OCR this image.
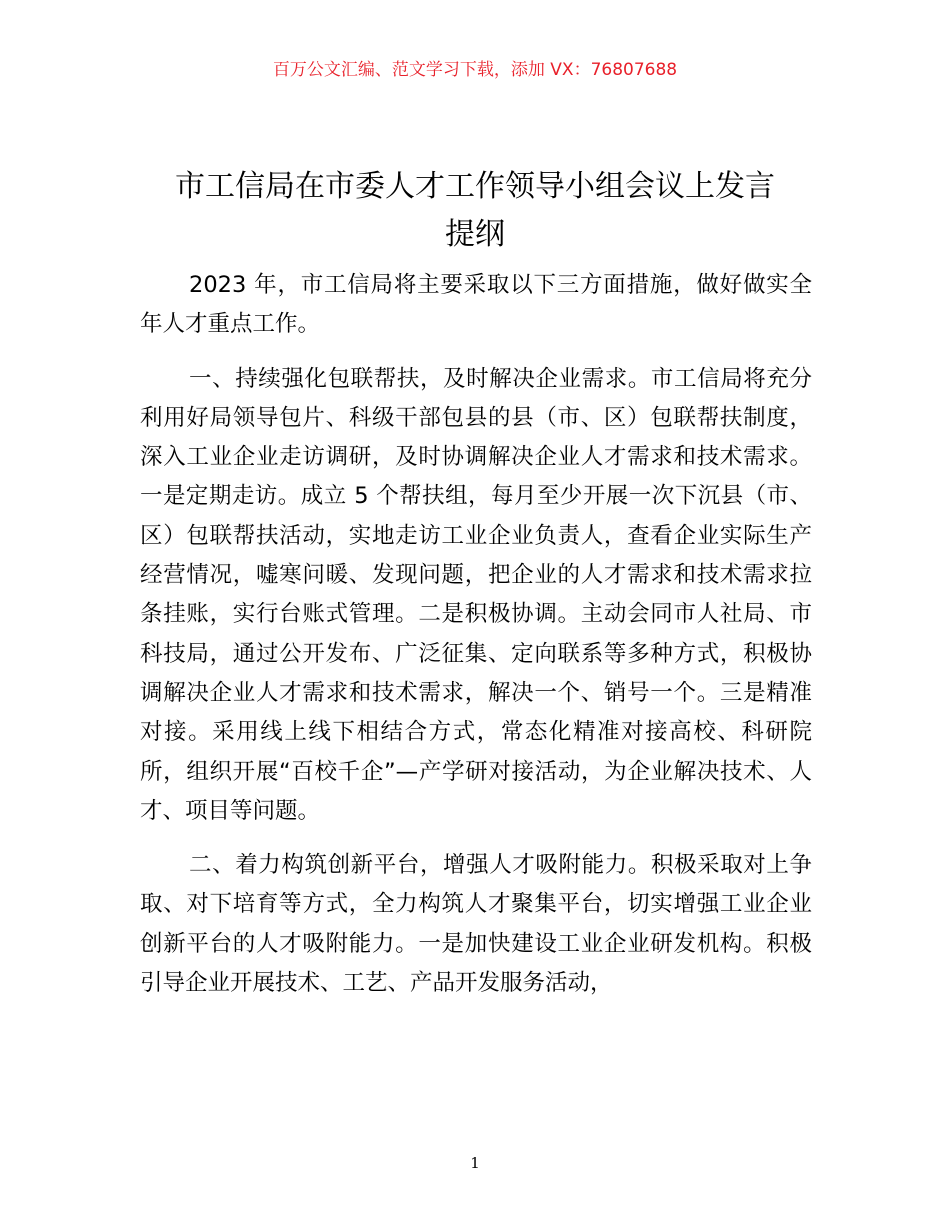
百万公文汇编、范文学习下载，添加 VX：76807688
市工信局在市委人才工作领导小组会议上发言
提纲

2023 年，市工信局将主要采取以下三方面措施，做好做实全年人才重点工作。

一、持续强化包联帮扶，及时解决企业需求。市工信局将充分利用好局领导包片、科级干部包县的县（市、区）包联帮扶制度，深入工业企业走访调研，及时协调解决企业人才需求和技术需求。一是定期走访。成立 5 个帮扶组，每月至少开展一次下沉县（市、区）包联帮扶活动，实地走访工业企业负责人，查看企业实际生产经营情况，嘘寒问暖、发现问题，把企业的人才需求和技术需求拉条挂账，实行台账式管理。二是积极协调。主动会同市人社局、市科技局，通过公开发布、广泛征集、定向联系等多种方式，积极协调解决企业人才需求和技术需求，解决一个、销号一个。三是精准对接。采用线上线下相结合方式，常态化精准对接高校、科研院所，组织开展“百校千企”—产学研对接活动，为企业解决技术、人才、项目等问题。

二、着力构筑创新平台，增强人才吸附能力。积极采取对上争取、对下培育等方式，全力构筑人才聚集平台，切实增强工业企业创新平台的人才吸附能力。一是加快建设工业企业研发机构。积极引导企业开展技术、工艺、产品开发服务活动，

1
